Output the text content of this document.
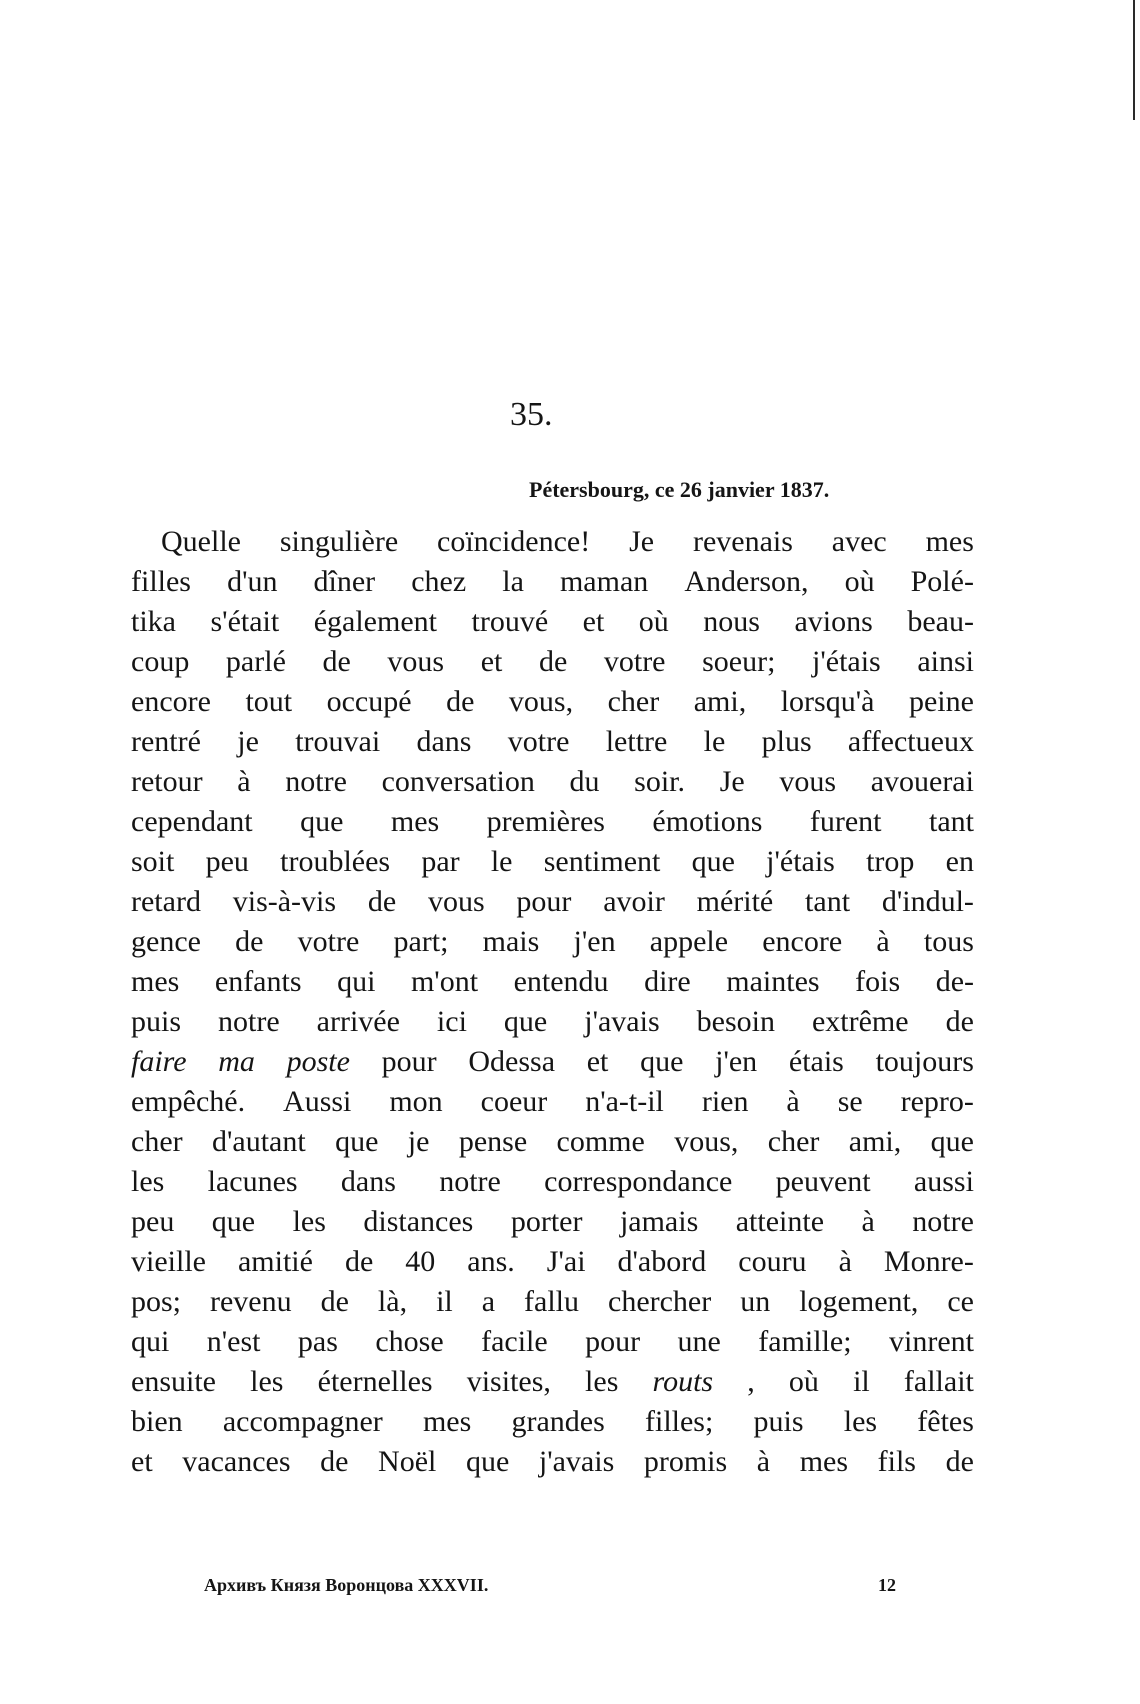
35.
Pétersbourg, ce 26 janvier 1837.
Quelle singulière coïncidence! Je revenais avec mes
filles d'un dîner chez la maman Anderson, où Polé-
tika s'était également trouvé et où nous avions beau-
coup parlé de vous et de votre soeur; j'étais ainsi
encore tout occupé de vous, cher ami, lorsqu'à peine
rentré je trouvai dans votre lettre le plus affectueux
retour à notre conversation du soir. Je vous avouerai
cependant que mes premières émotions furent tant
soit peu troublées par le sentiment que j'étais trop en
retard vis-à-vis de vous pour avoir mérité tant d'indul-
gence de votre part; mais j'en appele encore à tous
mes enfants qui m'ont entendu dire maintes fois de-
puis notre arrivée ici que j'avais besoin extrême de
faire ma poste pour Odessa et que j'en étais toujours
empêché. Aussi mon coeur n'a-t-il rien à se repro-
cher d'autant que je pense comme vous, cher ami, que
les lacunes dans notre correspondance peuvent aussi
peu que les distances porter jamais atteinte à notre
vieille amitié de 40 ans. J'ai d'abord couru à Monre-
pos; revenu de là, il a fallu chercher un logement, ce
qui n'est pas chose facile pour une famille; vinrent
ensuite les éternelles visites, les routs , où il fallait
bien accompagner mes grandes filles; puis les fêtes
et vacances de Noël que j'avais promis à mes fils de
Архивъ Князя Воронцова XXXVII.	12
